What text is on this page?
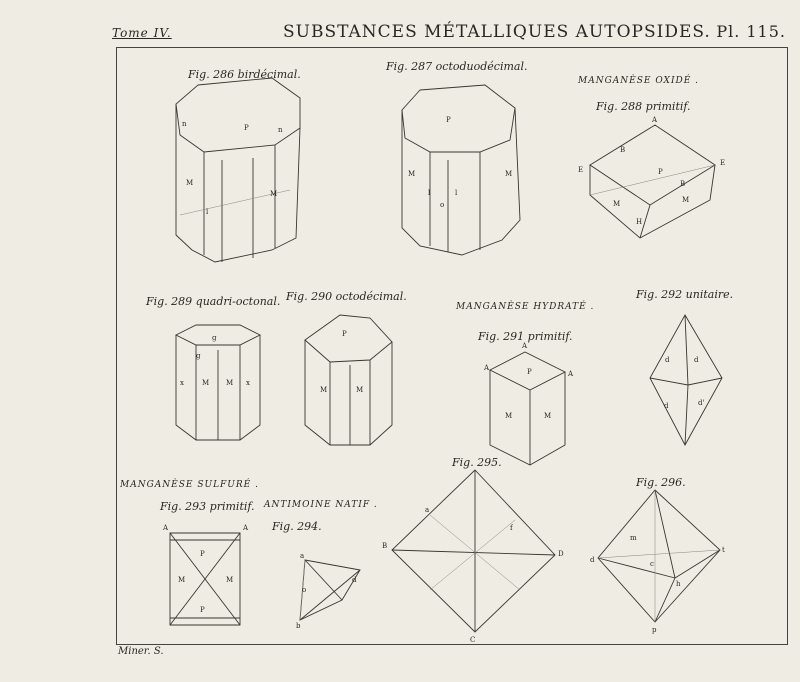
Tome IV.	SUBSTANCES MÉTALLIQUES AUTOPSIDES. Pl. 115.
Miner. S.
Fig. 286 birdécimal.
Fig. 287 octoduodécimal.
MANGANÈSE OXIDÉ .
Fig. 288 primitif.
Fig. 289 quadri-octonal. Fig. 290 octodécimal.
MANGANÈSE HYDRATÉ .
Fig. 291 primitif.
Fig. 292 unitaire.
MANGANÈSE SULFURÉ .
Fig. 293 primitif. ANTIMOINE NATIF .
Fig. 294.
Fig. 295.
Fig. 296.
P
n
n
M
M
l
P
M	M
l	l
o
P
M	M
A
E
E
B
B
H
g
g
x	M M x
P
M	M
P
M	M
A
A
A
d	d
d	d'
P
M	M
P
A	A
a
d
o
b
B
D
C
a
f
m
c
h
d
t
p
